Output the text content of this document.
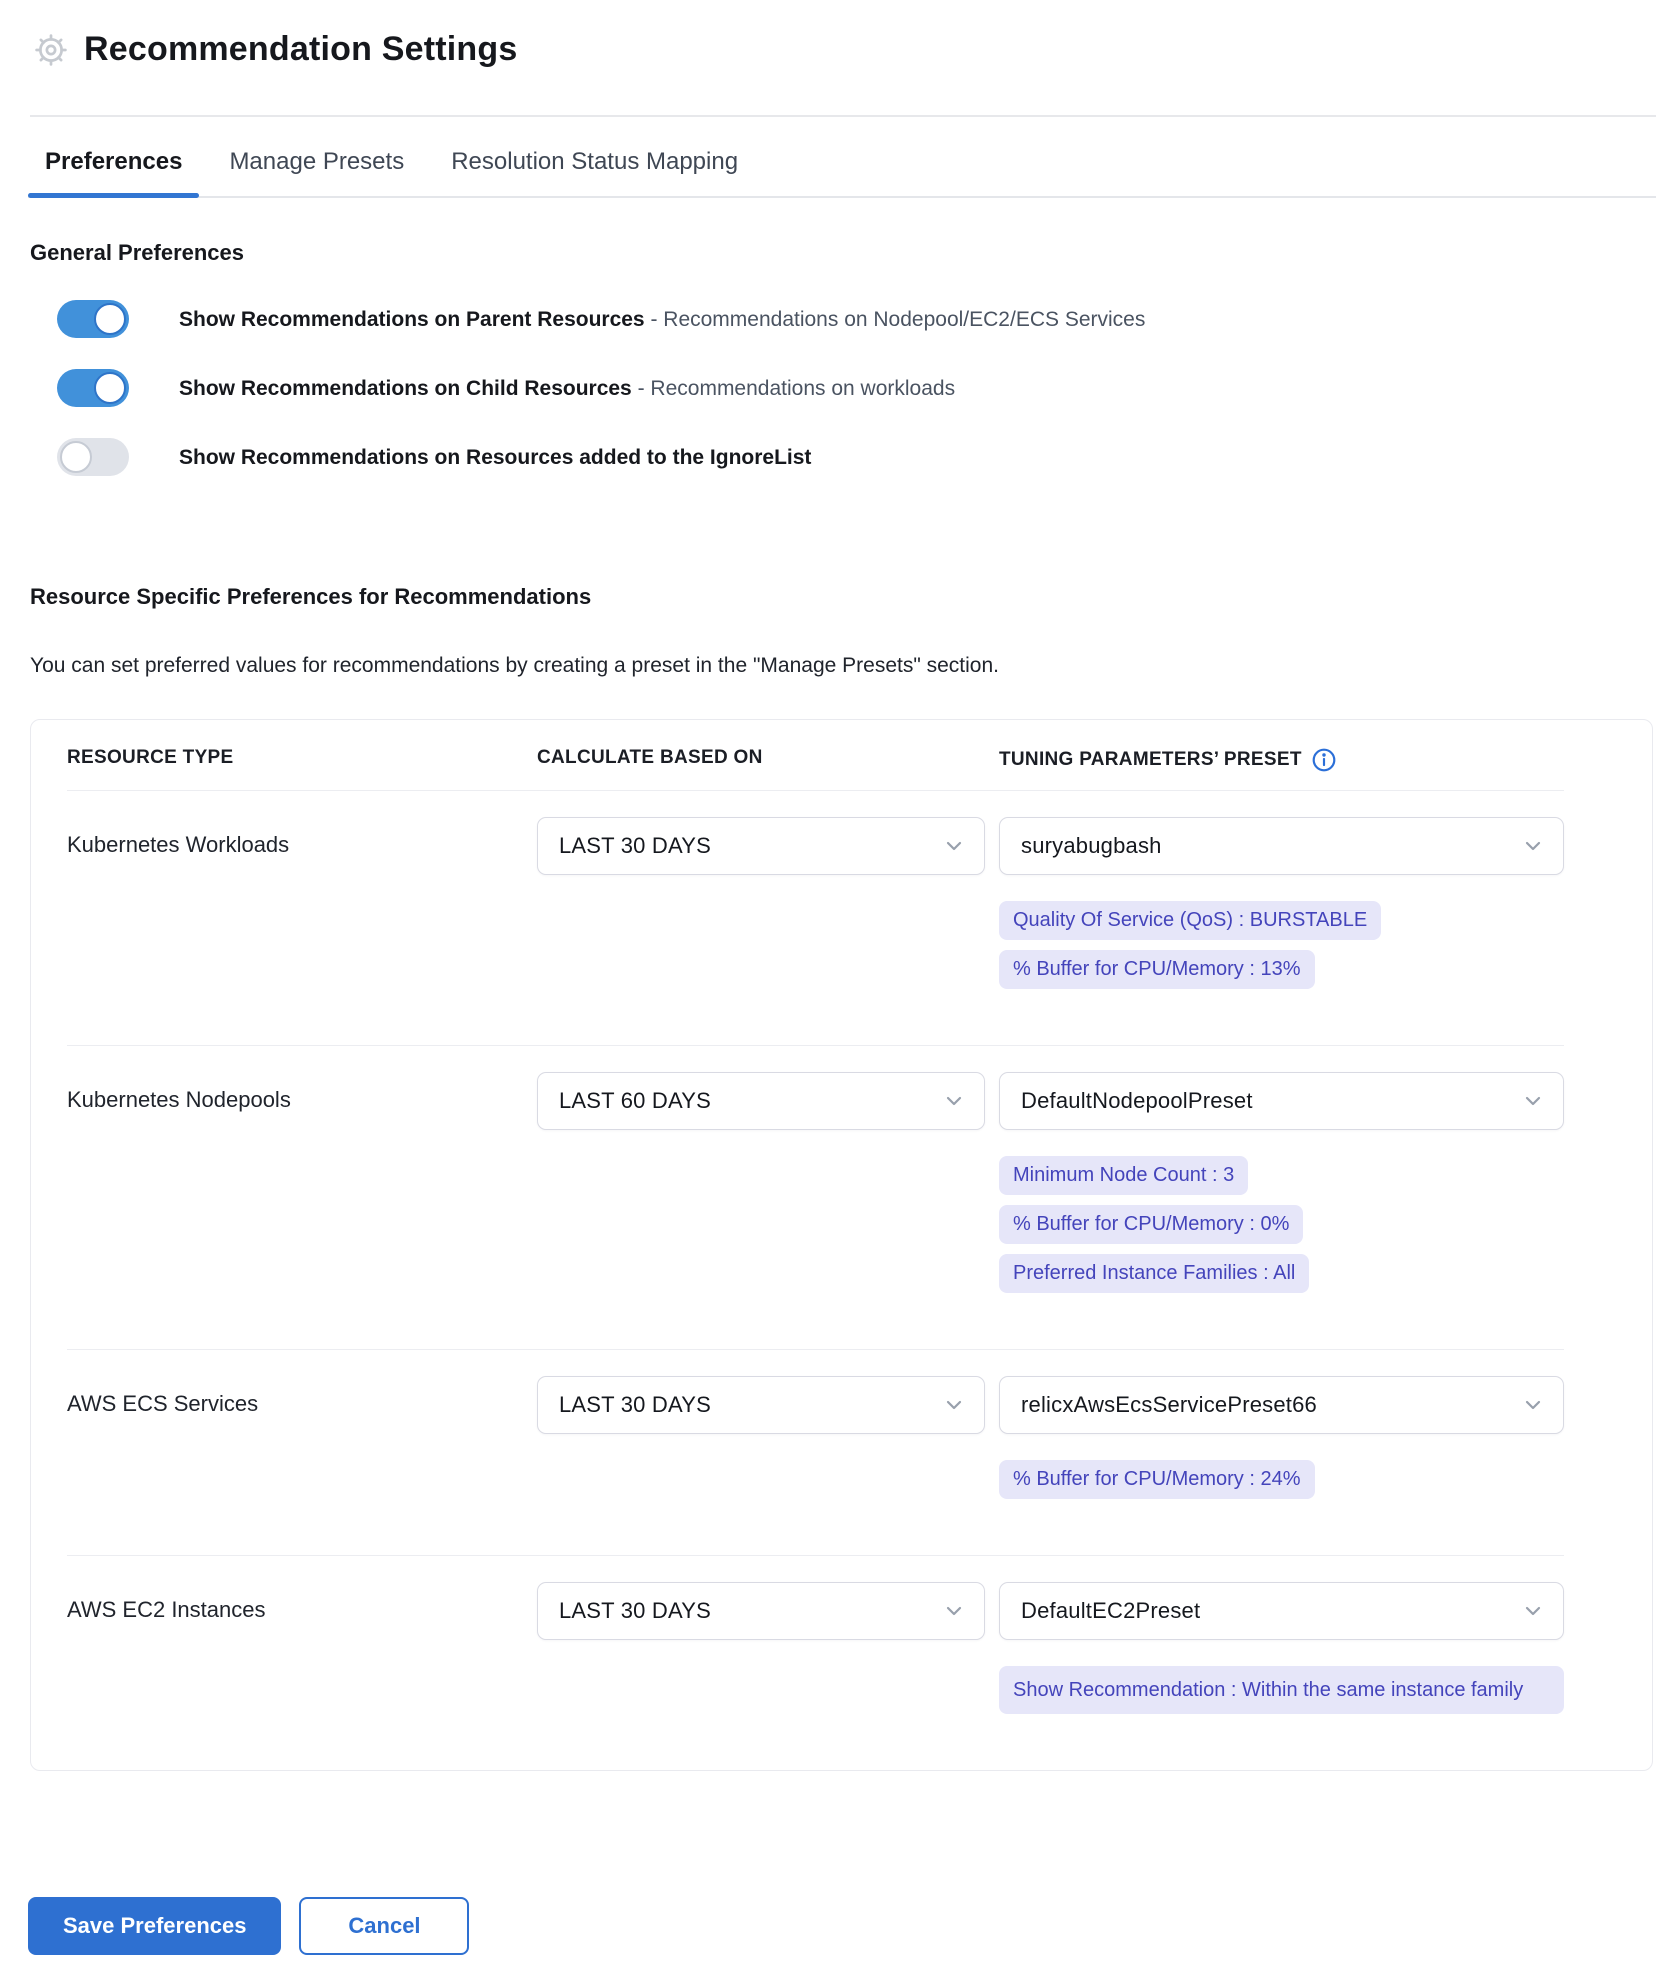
Recommendation Settings
Preferences	Manage Presets	Resolution Status Mapping
General Preferences
Show Recommendations on Parent Resources - Recommendations on Nodepool/EC2/ECS Services
Show Recommendations on Child Resources - Recommendations on workloads
Show Recommendations on Resources added to the IgnoreList
Resource Specific Preferences for Recommendations
You can set preferred values for recommendations by creating a preset in the "Manage Presets" section.
RESOURCE TYPE	CALCULATE BASED ON	TUNING PARAMETERS’ PRESET
Kubernetes Workloads	LAST 30 DAYS	suryabugbash
Quality Of Service (QoS) : BURSTABLE
% Buffer for CPU/Memory : 13%
Kubernetes Nodepools	LAST 60 DAYS	DefaultNodepoolPreset
Minimum Node Count : 3
% Buffer for CPU/Memory : 0%
Preferred Instance Families : All
AWS ECS Services	LAST 30 DAYS	relicxAwsEcsServicePreset66
% Buffer for CPU/Memory : 24%
AWS EC2 Instances	LAST 30 DAYS	DefaultEC2Preset
Show Recommendation : Within the same instance family
Save Preferences	Cancel
